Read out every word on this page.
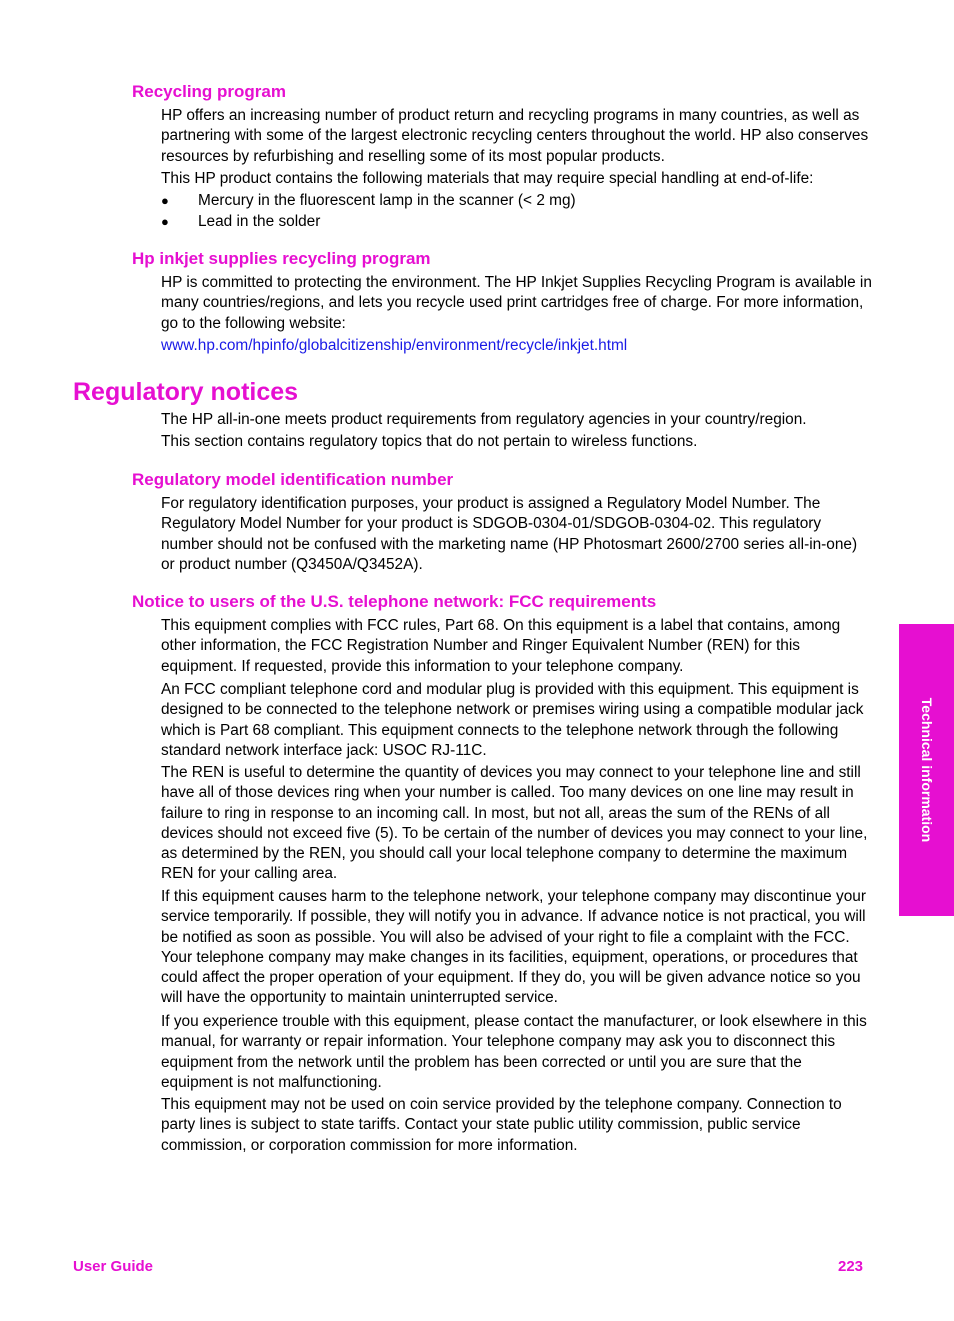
Recycling program

HP offers an increasing number of product return and recycling programs in many countries, as well as partnering with some of the largest electronic recycling centers throughout the world. HP also conserves resources by refurbishing and reselling some of its most popular products.

This HP product contains the following materials that may require special handling at end-of-life:

● Mercury in the fluorescent lamp in the scanner (< 2 mg)
● Lead in the solder
Hp inkjet supplies recycling program

HP is committed to protecting the environment. The HP Inkjet Supplies Recycling Program is available in many countries/regions, and lets you recycle used print cartridges free of charge. For more information, go to the following website:

www.hp.com/hpinfo/globalcitizenship/environment/recycle/inkjet.html

Regulatory notices

The HP all-in-one meets product requirements from regulatory agencies in your country/region.

This section contains regulatory topics that do not pertain to wireless functions.

Regulatory model identification number

For regulatory identification purposes, your product is assigned a Regulatory Model Number. The Regulatory Model Number for your product is SDGOB-0304-01/SDGOB-0304-02. This regulatory number should not be confused with the marketing name (HP Photosmart 2600/2700 series all-in-one) or product number (Q3450A/Q3452A).

Notice to users of the U.S. telephone network: FCC requirements

This equipment complies with FCC rules, Part 68. On this equipment is a label that contains, among other information, the FCC Registration Number and Ringer Equivalent Number (REN) for this equipment. If requested, provide this information to your telephone company.

An FCC compliant telephone cord and modular plug is provided with this equipment. This equipment is designed to be connected to the telephone network or premises wiring using a compatible modular jack which is Part 68 compliant. This equipment connects to the telephone network through the following standard network interface jack: USOC RJ-11C.

The REN is useful to determine the quantity of devices you may connect to your telephone line and still have all of those devices ring when your number is called. Too many devices on one line may result in failure to ring in response to an incoming call. In most, but not all, areas the sum of the RENs of all devices should not exceed five (5). To be certain of the number of devices you may connect to your line, as determined by the REN, you should call your local telephone company to determine the maximum REN for your calling area.

If this equipment causes harm to the telephone network, your telephone company may discontinue your service temporarily. If possible, they will notify you in advance. If advance notice is not practical, you will be notified as soon as possible. You will also be advised of your right to file a complaint with the FCC. Your telephone company may make changes in its facilities, equipment, operations, or procedures that could affect the proper operation of your equipment. If they do, you will be given advance notice so you will have the opportunity to maintain uninterrupted service.

If you experience trouble with this equipment, please contact the manufacturer, or look elsewhere in this manual, for warranty or repair information. Your telephone company may ask you to disconnect this equipment from the network until the problem has been corrected or until you are sure that the equipment is not malfunctioning.

This equipment may not be used on coin service provided by the telephone company. Connection to party lines is subject to state tariffs. Contact your state public utility commission, public service commission, or corporation commission for more information.

Technical information

User Guide	223
